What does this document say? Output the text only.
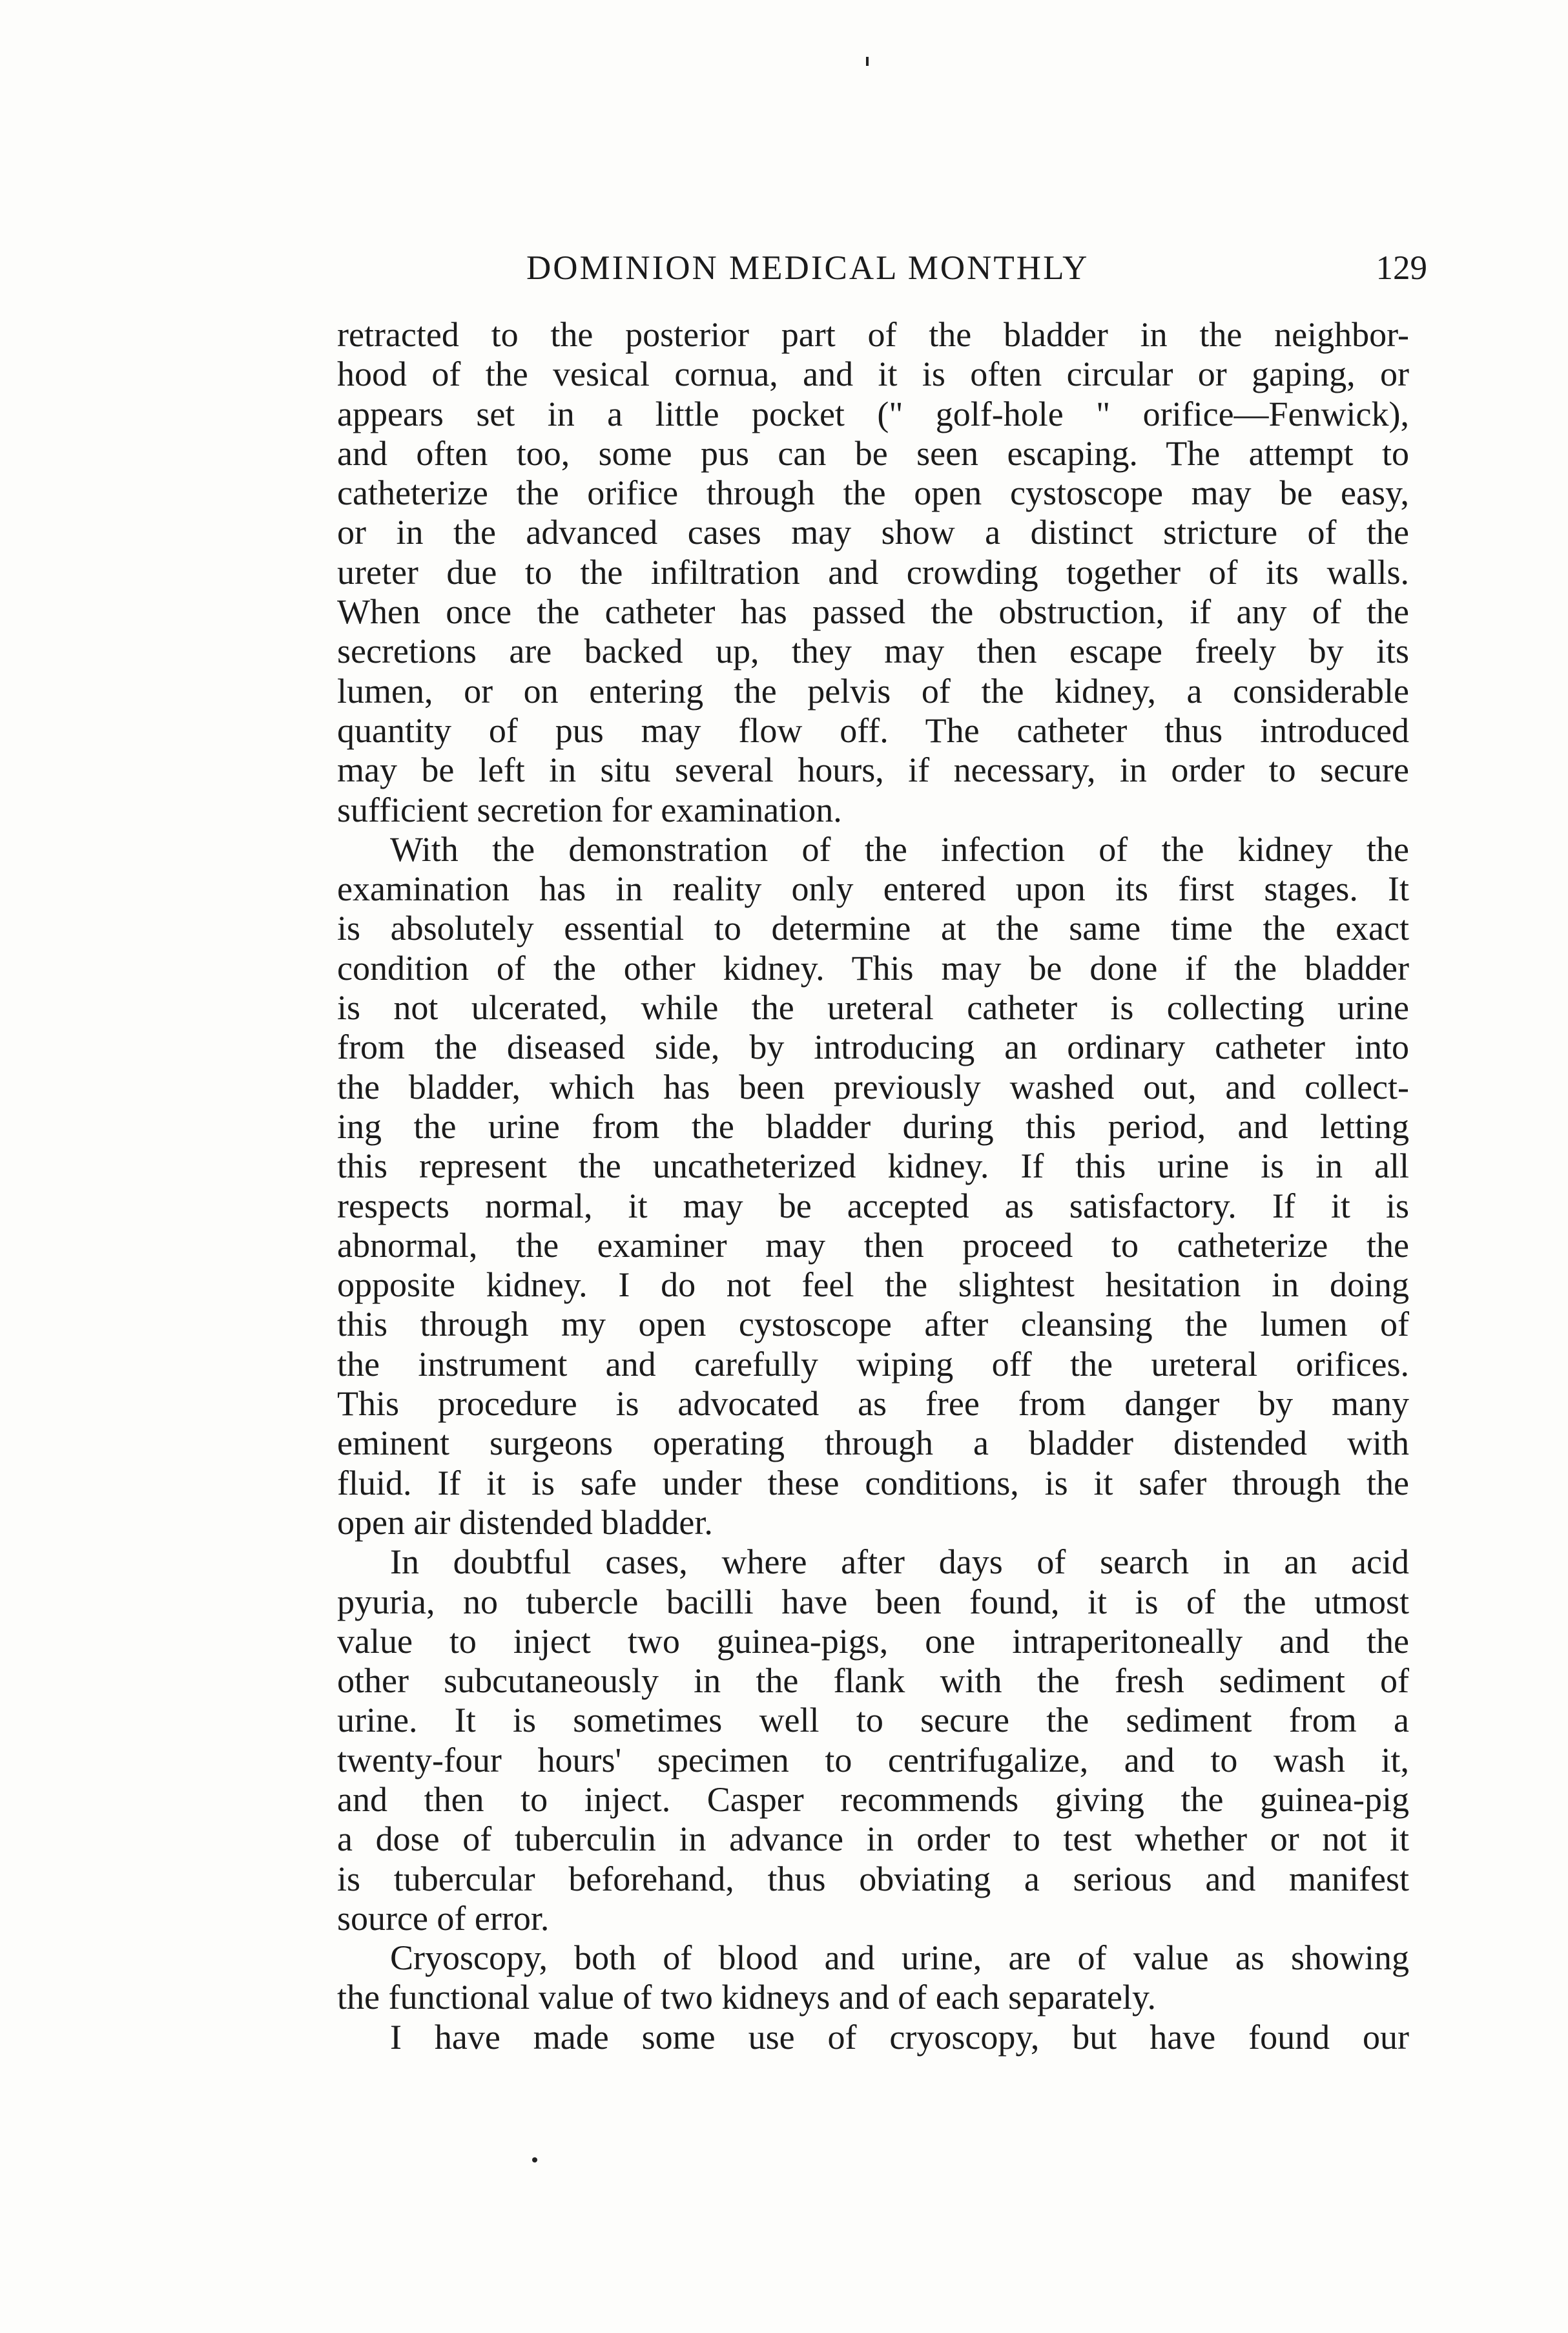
DOMINION MEDICAL MONTHLY	129
retracted to the posterior part of the bladder in the neighbor-
hood of the vesical cornua, and it is often circular or gaping, or
appears set in a little pocket (" golf-hole " orifice—Fenwick),
and often too, some pus can be seen escaping. The attempt to
catheterize the orifice through the open cystoscope may be easy,
or in the advanced cases may show a distinct stricture of the
ureter due to the infiltration and crowding together of its walls.
When once the catheter has passed the obstruction, if any of the
secretions are backed up, they may then escape freely by its
lumen, or on entering the pelvis of the kidney, a considerable
quantity of pus may flow off. The catheter thus introduced
may be left in situ several hours, if necessary, in order to secure
sufficient secretion for examination.
With the demonstration of the infection of the kidney the
examination has in reality only entered upon its first stages. It
is absolutely essential to determine at the same time the exact
condition of the other kidney. This may be done if the bladder
is not ulcerated, while the ureteral catheter is collecting urine
from the diseased side, by introducing an ordinary catheter into
the bladder, which has been previously washed out, and collect-
ing the urine from the bladder during this period, and letting
this represent the uncatheterized kidney. If this urine is in all
respects normal, it may be accepted as satisfactory. If it is
abnormal, the examiner may then proceed to catheterize the
opposite kidney. I do not feel the slightest hesitation in doing
this through my open cystoscope after cleansing the lumen of
the instrument and carefully wiping off the ureteral orifices.
This procedure is advocated as free from danger by many
eminent surgeons operating through a bladder distended with
fluid. If it is safe under these conditions, is it safer through the
open air distended bladder.
In doubtful cases, where after days of search in an acid
pyuria, no tubercle bacilli have been found, it is of the utmost
value to inject two guinea-pigs, one intraperitoneally and the
other subcutaneously in the flank with the fresh sediment of
urine. It is sometimes well to secure the sediment from a
twenty-four hours' specimen to centrifugalize, and to wash it,
and then to inject. Casper recommends giving the guinea-pig
a dose of tuberculin in advance in order to test whether or not it
is tubercular beforehand, thus obviating a serious and manifest
source of error.
Cryoscopy, both of blood and urine, are of value as showing
the functional value of two kidneys and of each separately.
I have made some use of cryoscopy, but have found our
